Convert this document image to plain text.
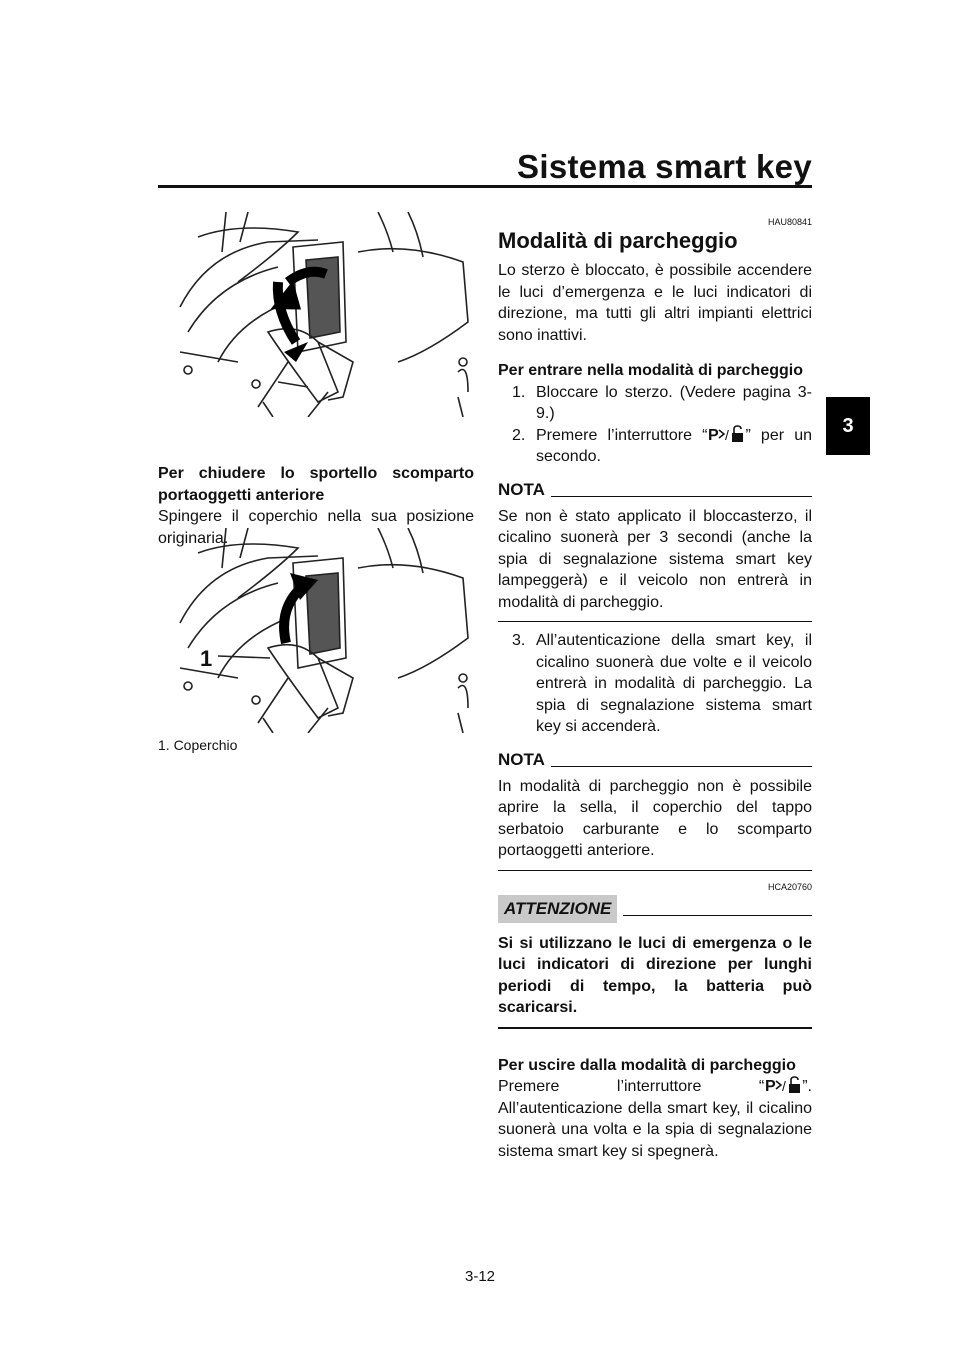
Sistema smart key
3

Per chiudere lo sportello scomparto portaoggetti anteriore

Spingere il coperchio nella sua posizione originaria.

1
1. Coperchio

HAU80841

Modalità di parcheggio

Lo sterzo è bloccato, è possibile accendere le luci d’emergenza e le luci indicatori di direzione, ma tutti gli altri impianti elettrici sono inattivi.

Per entrare nella modalità di parcheggio

1. Bloccare lo sterzo. (Vedere pagina 3-9.)
2. Premere l’interruttore “ P / ” per un secondo.
NOTA

Se non è stato applicato il bloccasterzo, il cicalino suonerà per 3 secondi (anche la spia di segnalazione sistema smart key lampeggerà) e il veicolo non entrerà in modalità di parcheggio.

3. All’autenticazione della smart key, il cicalino suonerà due volte e il veicolo entrerà in modalità di parcheggio. La spia di segnalazione sistema smart key si accenderà.
NOTA

In modalità di parcheggio non è possibile aprire la sella, il coperchio del tappo serbatoio carburante e lo scomparto portaoggetti anteriore.

HCA20760

ATTENZIONE

Si si utilizzano le luci di emergenza o le luci indicatori di direzione per lunghi periodi di tempo, la batteria può scaricarsi.

Per uscire dalla modalità di parcheggio

Premere l’interruttore “ P / ”. All’autenticazione della smart key, il cicalino suonerà una volta e la spia di segnalazione sistema smart key si spegnerà.

3-12
